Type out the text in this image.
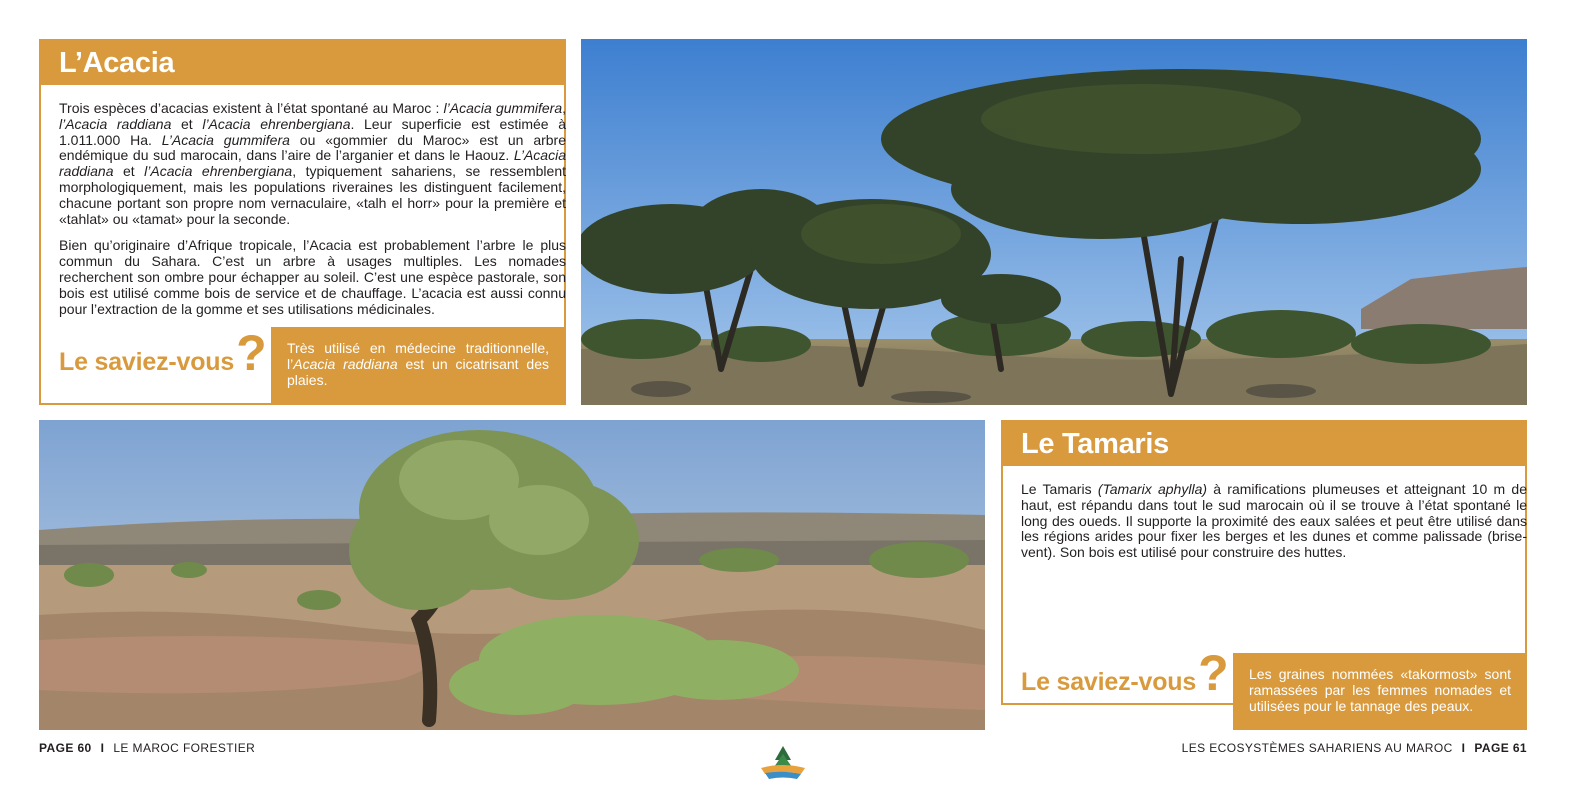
L’Acacia

Trois espèces d’acacias existent à l’état spontané au Maroc : l’Acacia gummifera, l’Acacia raddiana et l’Acacia ehrenbergiana. Leur superficie est estimée à 1.011.000 Ha. L’Acacia gummifera ou «gommier du Maroc» est un arbre endémique du sud marocain, dans l’aire de l’arganier et dans le Haouz. L’Acacia raddiana et l’Acacia ehrenbergiana, typiquement sahariens, se ressemblent morphologiquement, mais les populations riveraines les distinguent facilement, chacune portant son propre nom vernaculaire, «talh el horr» pour la première et «tahlat» ou «tamat» pour la seconde.

Bien qu’originaire d’Afrique tropicale, l’Acacia est probablement l’arbre le plus commun du Sahara. C’est un arbre à usages multiples. Les nomades recherchent son ombre pour échapper au soleil. C’est une espèce pastorale, son bois est utilisé comme bois de service et de chauffage. L’acacia est aussi connu pour l’extraction de la gomme et ses utilisations médicinales.

Le saviez-vous?	Très utilisé en médecine traditionnelle, l’Acacia raddiana est un cicatrisant des plaies.
Le Tamaris

Le Tamaris (Tamarix aphylla) à ramifications plumeuses et atteignant 10 m de haut, est répandu dans tout le sud marocain où il se trouve à l’état spontané le long des oueds. Il supporte la proximité des eaux salées et peut être utilisé dans les régions arides pour fixer les berges et les dunes et comme palissade (brise-vent). Son bois est utilisé pour construire des huttes.

Le saviez-vous?	Les graines nommées «takormost» sont ramassées par les femmes nomades et utilisées pour le tannage des peaux.
PAGE 60 I LE MAROC FORESTIER	LES ECOSYSTÈMES SAHARIENS AU MAROC I PAGE 61
